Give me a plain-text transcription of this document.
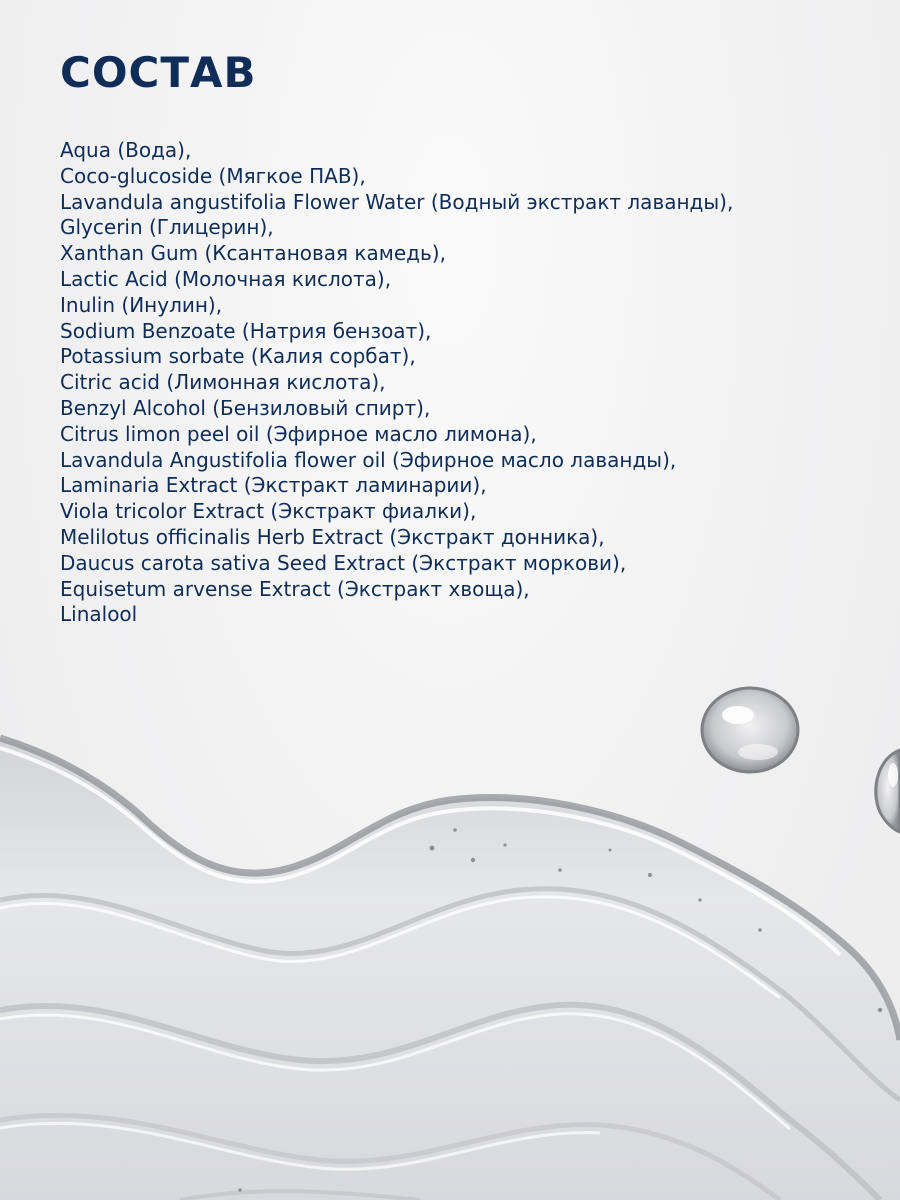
СОСТАВ
Aqua (Вода),
Coco-glucoside (Мягкое ПАВ),
Lavandula angustifolia Flower Water (Водный экстракт лаванды),
Glycerin (Глицерин),
Xanthan Gum (Ксантановая камедь),
Lactic Acid (Молочная кислота),
Inulin (Инулин),
Sodium Benzoate (Натрия бензоат),
Potassium sorbate (Калия сорбат),
Citric acid (Лимонная кислота),
Benzyl Alcohol (Бензиловый спирт),
Citrus limon peel oil (Эфирное масло лимона),
Lavandula Angustifolia flower oil (Эфирное масло лаванды),
Laminaria Extract (Экстракт ламинарии),
Viola tricolor Extract (Экстракт фиалки),
Melilotus officinalis Herb Extract (Экстракт донника),
Daucus carota sativa Seed Extract (Экстракт моркови),
Equisetum arvense Extract (Экстракт хвоща),
Linalool
